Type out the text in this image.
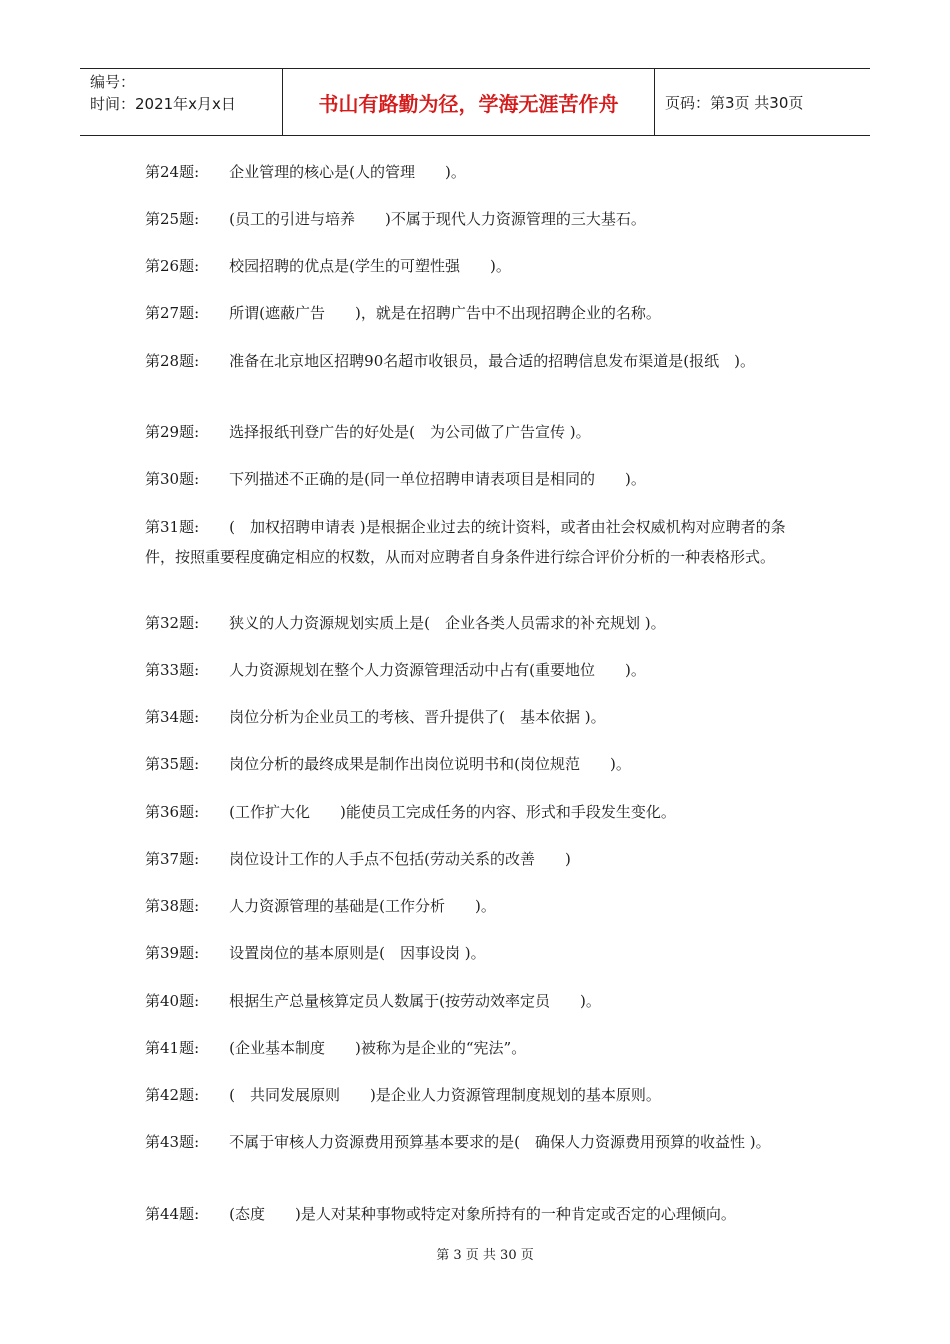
编号：
时间：2021年x月x日	书山有路勤为径，学海无涯苦作舟	页码：第3页 共30页
第24题: 企业管理的核心是(人的管理　　)。
第25题: (员工的引进与培养　　)不属于现代人力资源管理的三大基石。
第26题: 校园招聘的优点是(学生的可塑性强　　)。
第27题: 所谓(遮蔽广告　　)，就是在招聘广告中不出现招聘企业的名称。
第28题: 准备在北京地区招聘90名超市收银员，最合适的招聘信息发布渠道是(报纸　)。
第29题: 选择报纸刊登广告的好处是(　为公司做了广告宣传 )。
第30题: 下列描述不正确的是(同一单位招聘申请表项目是相同的　　)。
第31题: (　加权招聘申请表 )是根据企业过去的统计资料，或者由社会权威机构对应聘者的条件，按照重要程度确定相应的权数，从而对应聘者自身条件进行综合评价分析的一种表格形式。
第32题: 狭义的人力资源规划实质上是(　企业各类人员需求的补充规划 )。
第33题: 人力资源规划在整个人力资源管理活动中占有(重要地位　　)。
第34题: 岗位分析为企业员工的考核、晋升提供了(　基本依据 )。
第35题: 岗位分析的最终成果是制作出岗位说明书和(岗位规范　　)。
第36题: (工作扩大化　　)能使员工完成任务的内容、形式和手段发生变化。
第37题: 岗位设计工作的人手点不包括(劳动关系的改善　　)
第38题: 人力资源管理的基础是(工作分析　　)。
第39题: 设置岗位的基本原则是(　因事设岗 )。
第40题: 根据生产总量核算定员人数属于(按劳动效率定员　　)。
第41题: (企业基本制度　　)被称为是企业的“宪法”。
第42题: (　共同发展原则　　)是企业人力资源管理制度规划的基本原则。
第43题: 不属于审核人力资源费用预算基本要求的是(　确保人力资源费用预算的收益性 )。
第44题: (态度　　)是人对某种事物或特定对象所持有的一种肯定或否定的心理倾向。
第 3 页 共 30 页
